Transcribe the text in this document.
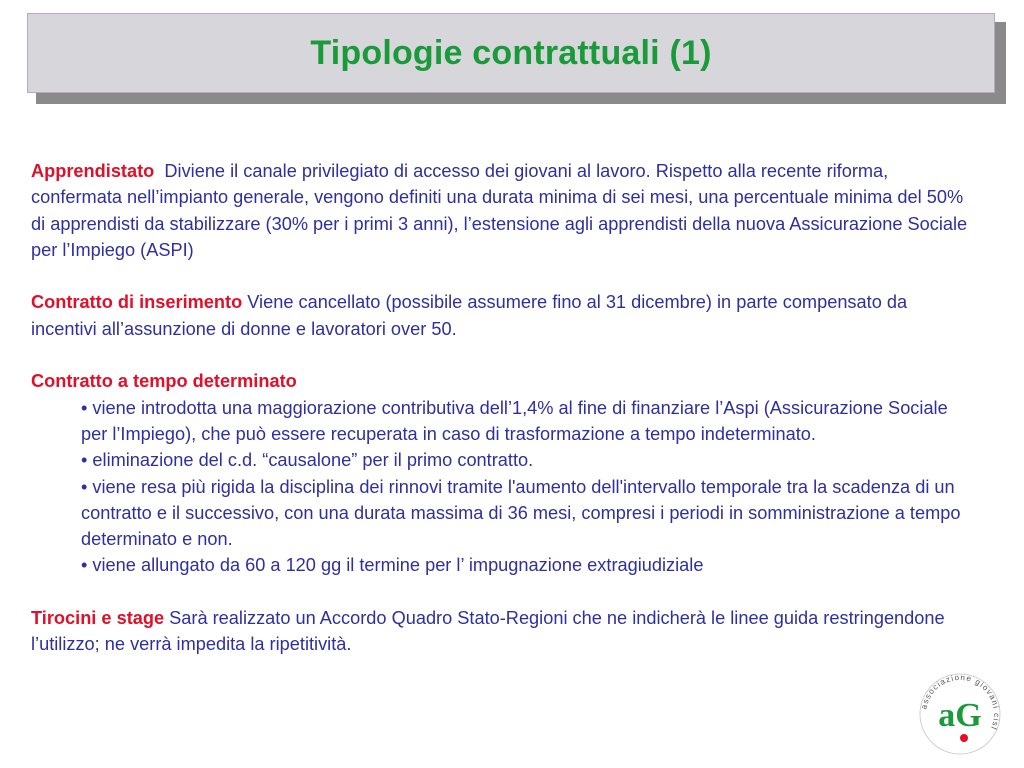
Tipologie contrattuali (1)

Apprendistato Diviene il canale privilegiato di accesso dei giovani al lavoro. Rispetto alla recente riforma, confermata nell’impianto generale, vengono definiti una durata minima di sei mesi, una percentuale minima del 50% di apprendisti da stabilizzare (30% per i primi 3 anni), l’estensione agli apprendisti della nuova Assicurazione Sociale per l’Impiego (ASPI)

Contratto di inserimento Viene cancellato (possibile assumere fino al 31 dicembre) in parte compensato da incentivi all’assunzione di donne e lavoratori over 50.

Contratto a tempo determinato
• viene introdotta una maggiorazione contributiva dell’1,4% al fine di finanziare l’Aspi (Assicurazione Sociale per l’Impiego), che può essere recuperata in caso di trasformazione a tempo indeterminato.
• eliminazione del c.d. “causalone” per il primo contratto.
• viene resa più rigida la disciplina dei rinnovi tramite l'aumento dell'intervallo temporale tra la scadenza di un contratto e il successivo, con una durata massima di 36 mesi, compresi i periodi in somministrazione a tempo determinato e non.
• viene allungato da 60 a 120 gg il termine per l’ impugnazione extragiudiziale

Tirocini e stage Sarà realizzato un Accordo Quadro Stato-Regioni che ne indicherà le linee guida restringendone l’utilizzo; ne verrà impedita la ripetitività.

associazione giovani cisl
aG
